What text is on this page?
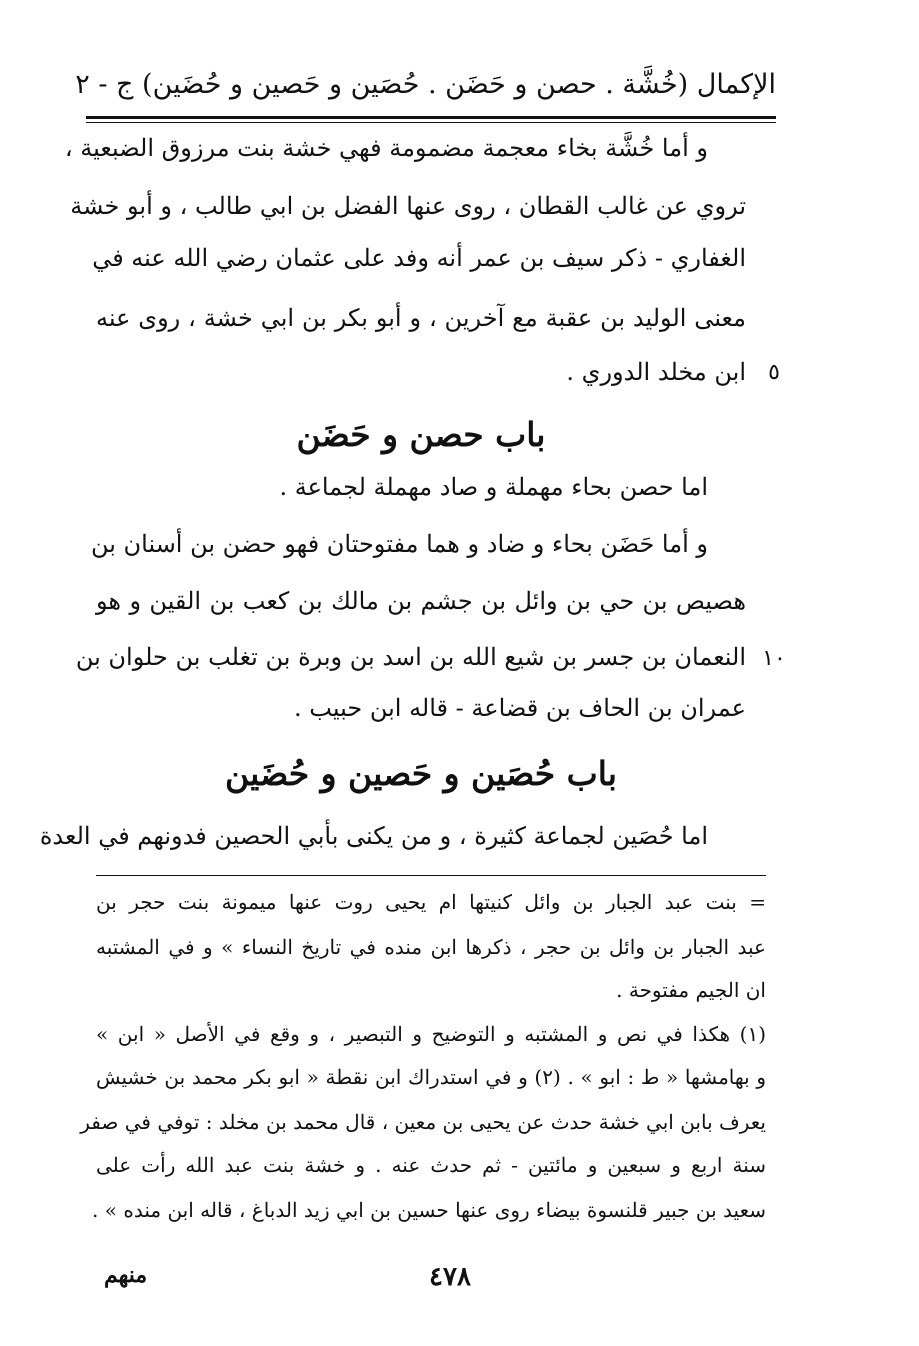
الإكمال (خُشَّة . حصن و حَضَن . حُصَين و حَصين و حُضَين) ج - ٢
و أما خُشَّة بخاء معجمة مضمومة فهي خشة بنت مرزوق الضبعية ،
تروي عن غالب القطان ، روى عنها الفضل بن ابي طالب ، و أبو خشة
الغفاري - ذكر سيف بن عمر أنه وفد على عثمان رضي الله عنه في
معنى الوليد بن عقبة مع آخرين ، و أبو بكر بن ابي خشة ، روى عنه
ابن مخلد الدوري .	٥
باب حصن و حَضَن
اما حصن بحاء مهملة و صاد مهملة لجماعة .
و أما حَضَن بحاء و ضاد و هما مفتوحتان فهو حضن بن أسنان بن
هصيص بن حي بن وائل بن جشم بن مالك بن كعب بن القين و هو
النعمان بن جسر بن شيع الله بن اسد بن وبرة بن تغلب بن حلوان بن ١٠
عمران بن الحاف بن قضاعة - قاله ابن حبيب .
باب حُصَين و حَصين و حُضَين
اما حُصَين لجماعة كثيرة ، و من يكنى بأبي الحصين فدونهم في العدة
= بنت عبد الجبار بن وائل كنيتها ام يحيى روت عنها ميمونة بنت حجر بن
عبد الجبار بن وائل بن حجر ، ذكرها ابن منده في تاريخ النساء » و في المشتبه
ان الجيم مفتوحة .
(١) هكذا في نص و المشتبه و التوضيح و التبصير ، و وقع في الأصل « ابن »
و بهامشها « ط : ابو » . (٢) و في استدراك ابن نقطة « ابو بكر محمد بن خشيش
يعرف بابن ابي خشة حدث عن يحيى بن معين ، قال محمد بن مخلد : توفي في صفر
سنة اربع و سبعين و مائتين - ثم حدث عنه . و خشة بنت عبد الله رأت على
سعيد بن جبير قلنسوة بيضاء روى عنها حسين بن ابي زيد الدباغ ، قاله ابن منده » .
٤٧٨
منهم
